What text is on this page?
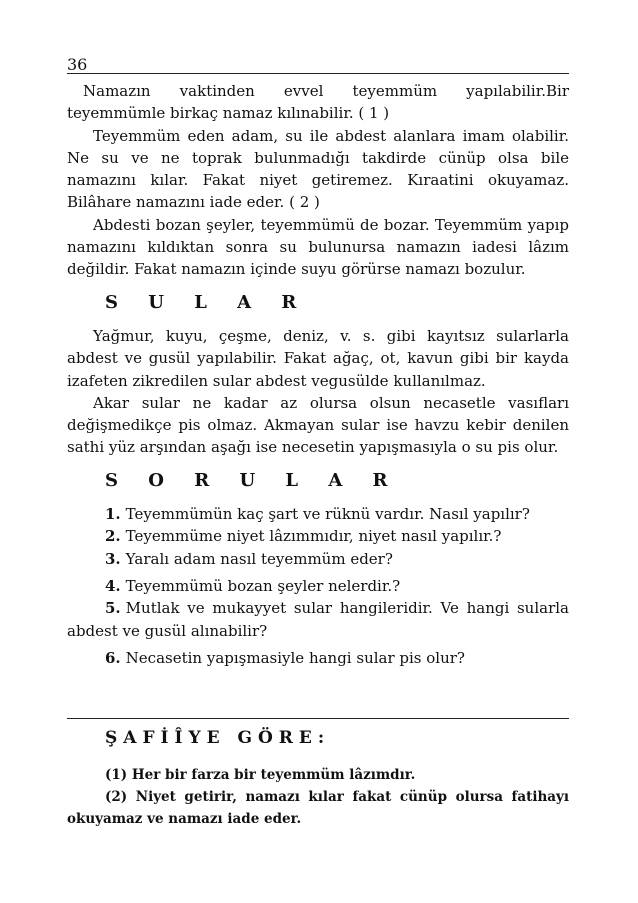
36

Namazın vaktinden evvel teyemmüm yapılabilir.Bir teyemmümle birkaç namaz kılınabilir. ( 1 )

Teyemmüm eden adam, su ile abdest alanlara imam olabilir. Ne su ve ne toprak bulunmadığı takdirde cünüp olsa bile namazını kılar. Fakat niyet getiremez. Kıraatini okuyamaz. Bilâhare namazını iade eder. ( 2 )

Abdesti bozan şeyler, teyemmümü de bozar. Teyemmüm yapıp namazını kıldıktan sonra su bulunursa namazın iadesi lâzım değildir. Fakat namazın içinde suyu görürse namazı bozulur.

S U L A R

Yağmur, kuyu, çeşme, deniz, v. s. gibi kayıtsız sularlarla abdest ve gusül yapılabilir. Fakat ağaç, ot, kavun gibi bir kayda izafeten zikredilen sular abdest vegusülde kullanılmaz.

Akar sular ne kadar az olursa olsun necasetle vasıfları değişmedikçe pis olmaz. Akmayan sular ise havzu kebir denilen sathi yüz arşından aşağı ise necesetin yapışmasıyla o su pis olur.

S O R U L A R

1. Teyemmümün kaç şart ve rüknü vardır. Nasıl yapılır?

2. Teyemmüme niyet lâzımmıdır, niyet nasıl yapılır.?

3. Yaralı adam nasıl teyemmüm eder?

4. Teyemmümü bozan şeyler nelerdir.?

5. Mutlak ve mukayyet sular hangileridir. Ve hangi sularla abdest ve gusül alınabilir?

6. Necasetin yapışmasiyle hangi sular pis olur?

ŞAFİÎYE GÖRE:

(1) Her bir farza bir teyemmüm lâzımdır.

(2) Niyet getirir, namazı kılar fakat cünüp olursa fatihayı okuyamaz ve namazı iade eder.
